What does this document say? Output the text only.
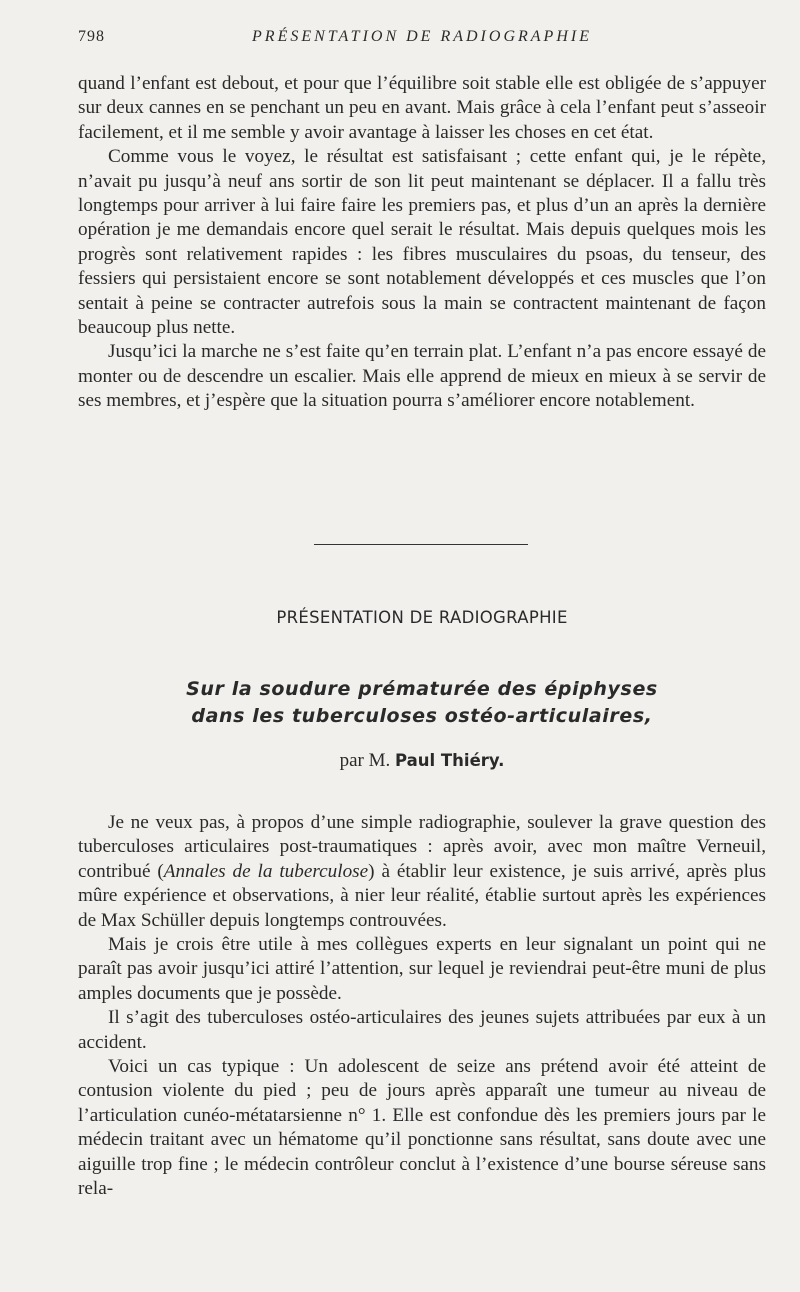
798	PRÉSENTATION DE RADIOGRAPHIE

quand l’enfant est debout, et pour que l’équilibre soit stable elle est obligée de s’appuyer sur deux cannes en se penchant un peu en avant. Mais grâce à cela l’enfant peut s’asseoir facilement, et il me semble y avoir avantage à laisser les choses en cet état.

Comme vous le voyez, le résultat est satisfaisant ; cette enfant qui, je le répète, n’avait pu jusqu’à neuf ans sortir de son lit peut maintenant se déplacer. Il a fallu très longtemps pour arriver à lui faire faire les premiers pas, et plus d’un an après la dernière opération je me demandais encore quel serait le résultat. Mais depuis quelques mois les progrès sont relativement rapides : les fibres musculaires du psoas, du tenseur, des fessiers qui persistaient encore se sont notablement développés et ces muscles que l’on sentait à peine se contracter autrefois sous la main se contractent maintenant de façon beaucoup plus nette.

Jusqu’ici la marche ne s’est faite qu’en terrain plat. L’enfant n’a pas encore essayé de monter ou de descendre un escalier. Mais elle apprend de mieux en mieux à se servir de ses membres, et j’espère que la situation pourra s’améliorer encore notablement.

PRÉSENTATION DE RADIOGRAPHIE
Sur la soudure prématurée des épiphyses
dans les tuberculoses ostéo-articulaires,
par M. Paul Thiéry.

Je ne veux pas, à propos d’une simple radiographie, soulever la grave question des tuberculoses articulaires post-traumatiques : après avoir, avec mon maître Verneuil, contribué (Annales de la tuberculose) à établir leur existence, je suis arrivé, après plus mûre expérience et observations, à nier leur réalité, établie surtout après les expériences de Max Schüller depuis longtemps controuvées.

Mais je crois être utile à mes collègues experts en leur signalant un point qui ne paraît pas avoir jusqu’ici attiré l’attention, sur lequel je reviendrai peut-être muni de plus amples documents que je possède.

Il s’agit des tuberculoses ostéo-articulaires des jeunes sujets attribuées par eux à un accident.

Voici un cas typique : Un adolescent de seize ans prétend avoir été atteint de contusion violente du pied ; peu de jours après apparaît une tumeur au niveau de l’articulation cunéo-métatarsienne n° 1. Elle est confondue dès les premiers jours par le médecin traitant avec un hématome qu’il ponctionne sans résultat, sans doute avec une aiguille trop fine ; le médecin contrôleur conclut à l’existence d’une bourse séreuse sans rela-
